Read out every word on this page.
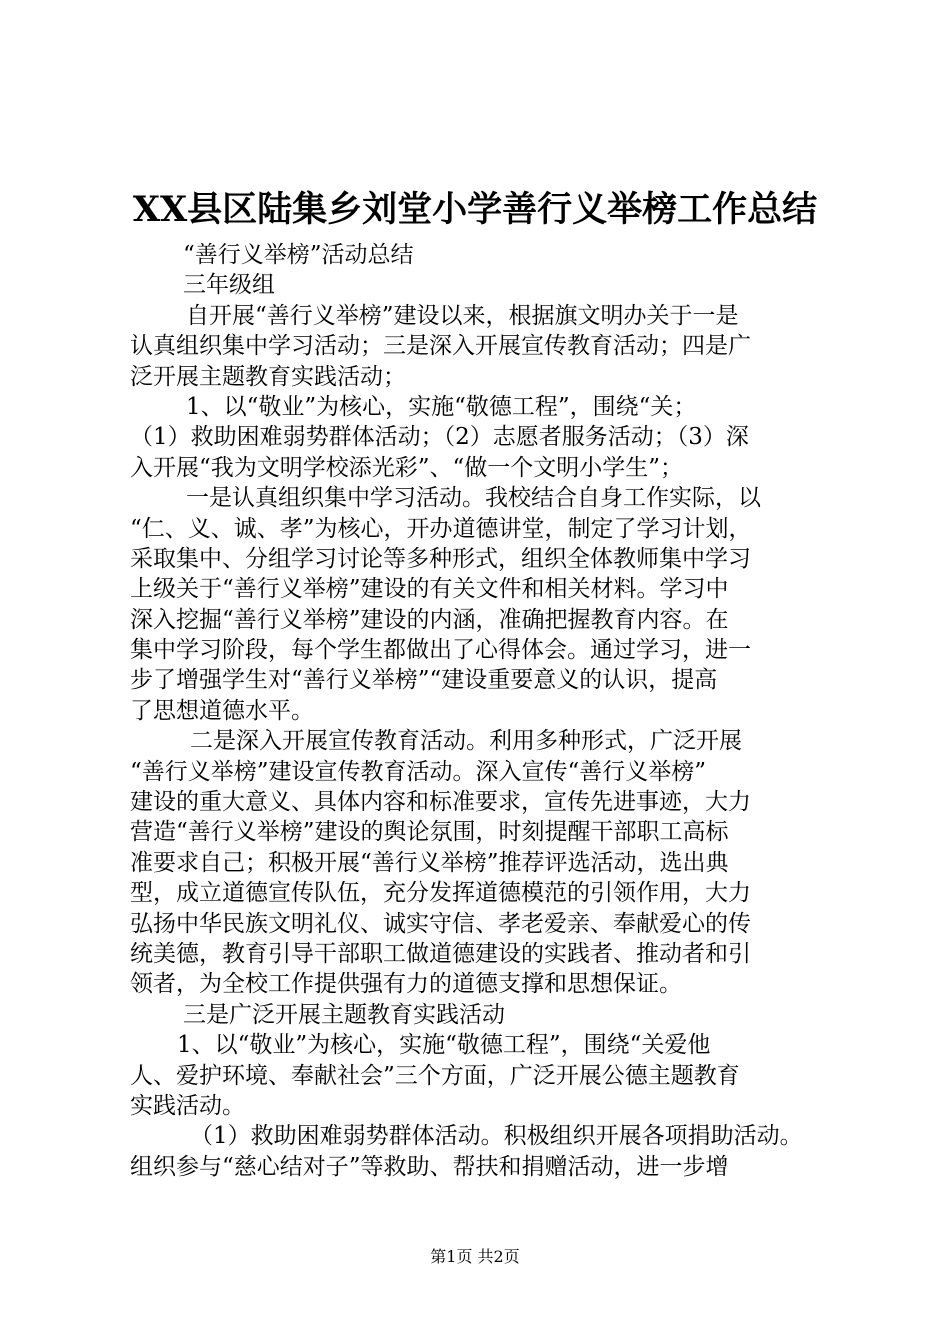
XX县区陆集乡刘堂小学善行义举榜工作总结
“善行义举榜”活动总结
三年级组
自开展“善行义举榜”建设以来，根据旗文明办关于一是
认真组织集中学习活动；三是深入开展宣传教育活动；四是广
泛开展主题教育实践活动；
1、以“敬业”为核心，实施“敬德工程”，围绕“关；
（1）救助困难弱势群体活动；（2）志愿者服务活动；（3）深
入开展“我为文明学校添光彩”、“做一个文明小学生”；
一是认真组织集中学习活动。我校结合自身工作实际，以
“仁、义、诚、孝”为核心，开办道德讲堂，制定了学习计划，
采取集中、分组学习讨论等多种形式，组织全体教师集中学习
上级关于“善行义举榜”建设的有关文件和相关材料。学习中
深入挖掘“善行义举榜”建设的内涵，准确把握教育内容。在
集中学习阶段，每个学生都做出了心得体会。通过学习，进一
步了增强学生对“善行义举榜”“建设重要意义的认识，提高
了思想道德水平。
二是深入开展宣传教育活动。利用多种形式，广泛开展
“善行义举榜”建设宣传教育活动。深入宣传“善行义举榜”
建设的重大意义、具体内容和标准要求，宣传先进事迹，大力
营造“善行义举榜”建设的舆论氛围，时刻提醒干部职工高标
准要求自己；积极开展“善行义举榜”推荐评选活动，选出典
型，成立道德宣传队伍，充分发挥道德模范的引领作用，大力
弘扬中华民族文明礼仪、诚实守信、孝老爱亲、奉献爱心的传
统美德，教育引导干部职工做道德建设的实践者、推动者和引
领者，为全校工作提供强有力的道德支撑和思想保证。
三是广泛开展主题教育实践活动
1、以“敬业”为核心，实施“敬德工程”，围绕“关爱他
人、爱护环境、奉献社会”三个方面，广泛开展公德主题教育
实践活动。
（1）救助困难弱势群体活动。积极组织开展各项捐助活动。
组织参与“慈心结对子”等救助、帮扶和捐赠活动，进一步增
第1页 共2页
